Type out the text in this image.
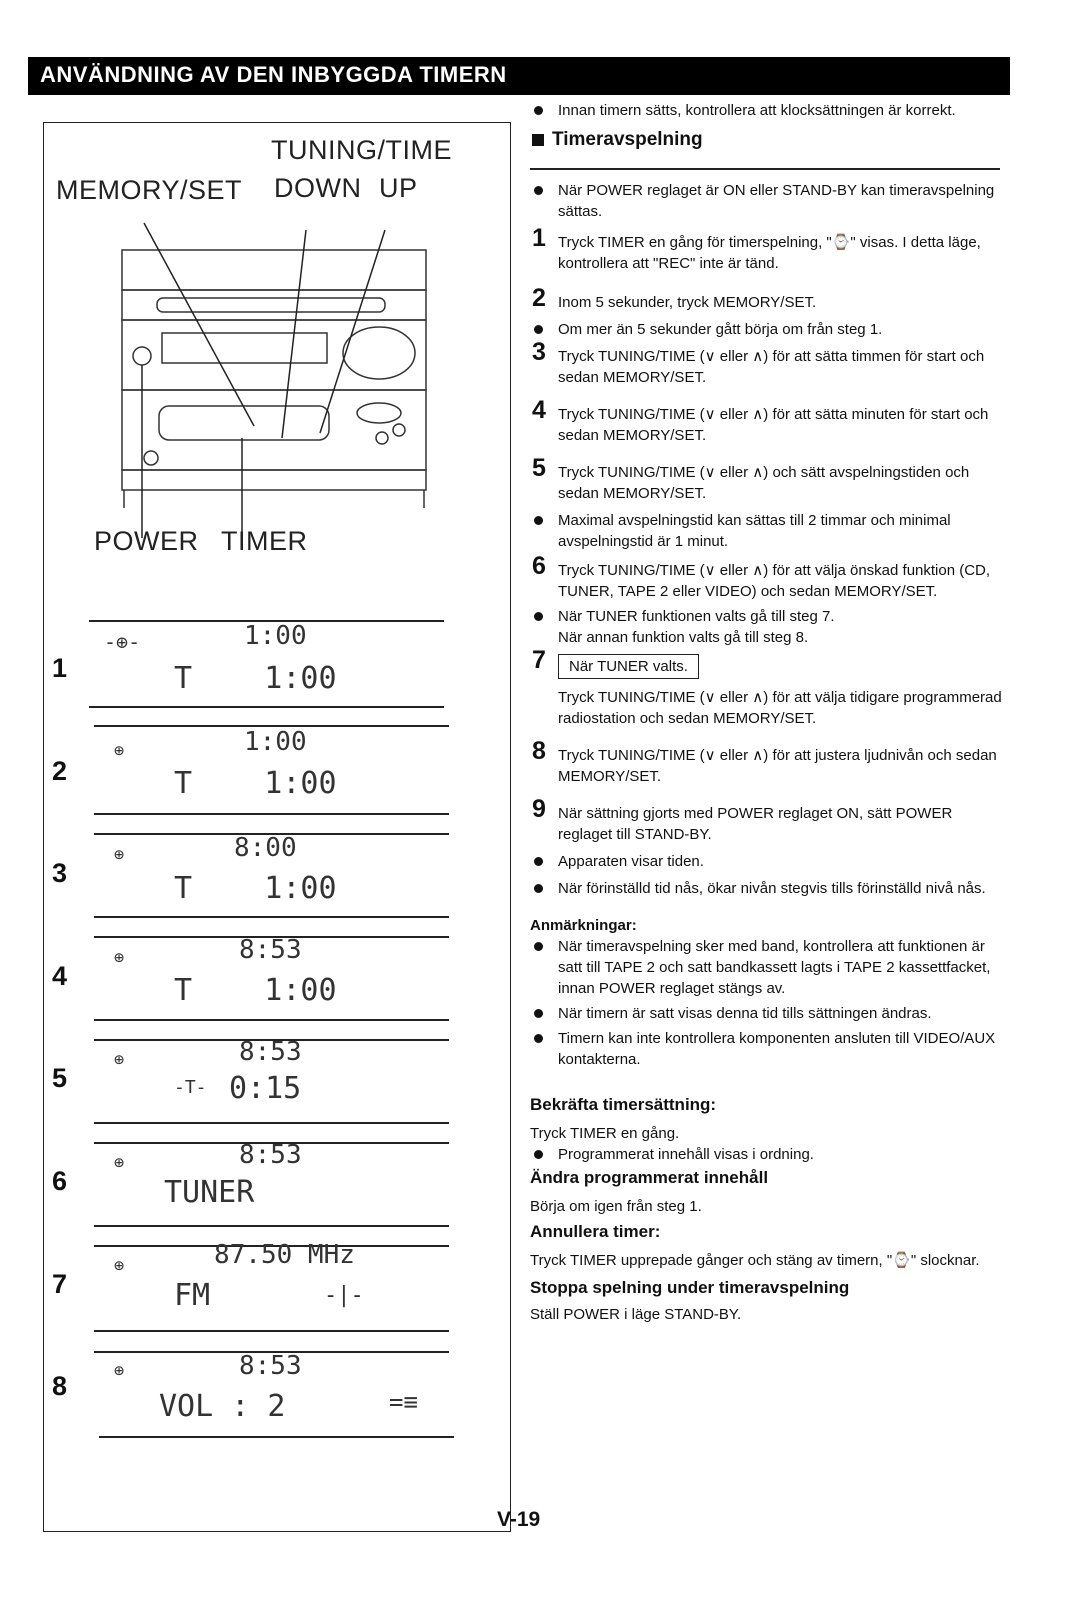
ANVÄNDNING AV DEN INBYGGDA TIMERN
TUNING/TIME
MEMORY/SET DOWN UP
POWER TIMER
1
-⊕-	1:00
T    1:00
2
⊕	1:00
T    1:00
3
⊕	8:00
T    1:00
4
⊕	8:53
T    1:00
5
⊕	8:53
-T- 0:15
6
⊕	8:53
TUNER
7
⊕	87.50 MHz
FM	-|-
8	⊕	8:53
VOL : 2	=≡

Innan timern sätts, kontrollera att klocksättningen är korrekt.

Timeravspelning

När POWER reglaget är ON eller STAND-BY kan timeravspelning sättas.

1 Tryck TIMER en gång för timerspelning, "⌚" visas. I detta läge, kontrollera att "REC" inte är tänd.

2 Inom 5 sekunder, tryck MEMORY/SET.

Om mer än 5 sekunder gått börja om från steg 1.

3 Tryck TUNING/TIME (∨ eller ∧) för att sätta timmen för start och sedan MEMORY/SET.

4 Tryck TUNING/TIME (∨ eller ∧) för att sätta minuten för start och sedan MEMORY/SET.

5 Tryck TUNING/TIME (∨ eller ∧) och sätt avspelningstiden och sedan MEMORY/SET.

Maximal avspelningstid kan sättas till 2 timmar och minimal avspelningstid är 1 minut.

6 Tryck TUNING/TIME (∨ eller ∧) för att välja önskad funktion (CD, TUNER, TAPE 2 eller VIDEO) och sedan MEMORY/SET.

När TUNER funktionen valts gå till steg 7.
När annan funktion valts gå till steg 8.

7 När TUNER valts.

Tryck TUNING/TIME (∨ eller ∧) för att välja tidigare programmerad radiostation och sedan MEMORY/SET.

8 Tryck TUNING/TIME (∨ eller ∧) för att justera ljudnivån och sedan MEMORY/SET.

9 När sättning gjorts med POWER reglaget ON, sätt POWER reglaget till STAND-BY.

Apparaten visar tiden.

När förinställd tid nås, ökar nivån stegvis tills förinställd nivå nås.

Anmärkningar:

När timeravspelning sker med band, kontrollera att funktionen är satt till TAPE 2 och satt bandkassett lagts i TAPE 2 kassettfacket, innan POWER reglaget stängs av.

När timern är satt visas denna tid tills sättningen ändras.

Timern kan inte kontrollera komponenten ansluten till VIDEO/AUX kontakterna.

Bekräfta timersättning:

Tryck TIMER en gång.

Programmerat innehåll visas i ordning.

Ändra programmerat innehåll

Börja om igen från steg 1.

Annullera timer:

Tryck TIMER upprepade gånger och stäng av timern, "⌚" slocknar.

Stoppa spelning under timeravspelning

Ställ POWER i läge STAND-BY.

V-19
